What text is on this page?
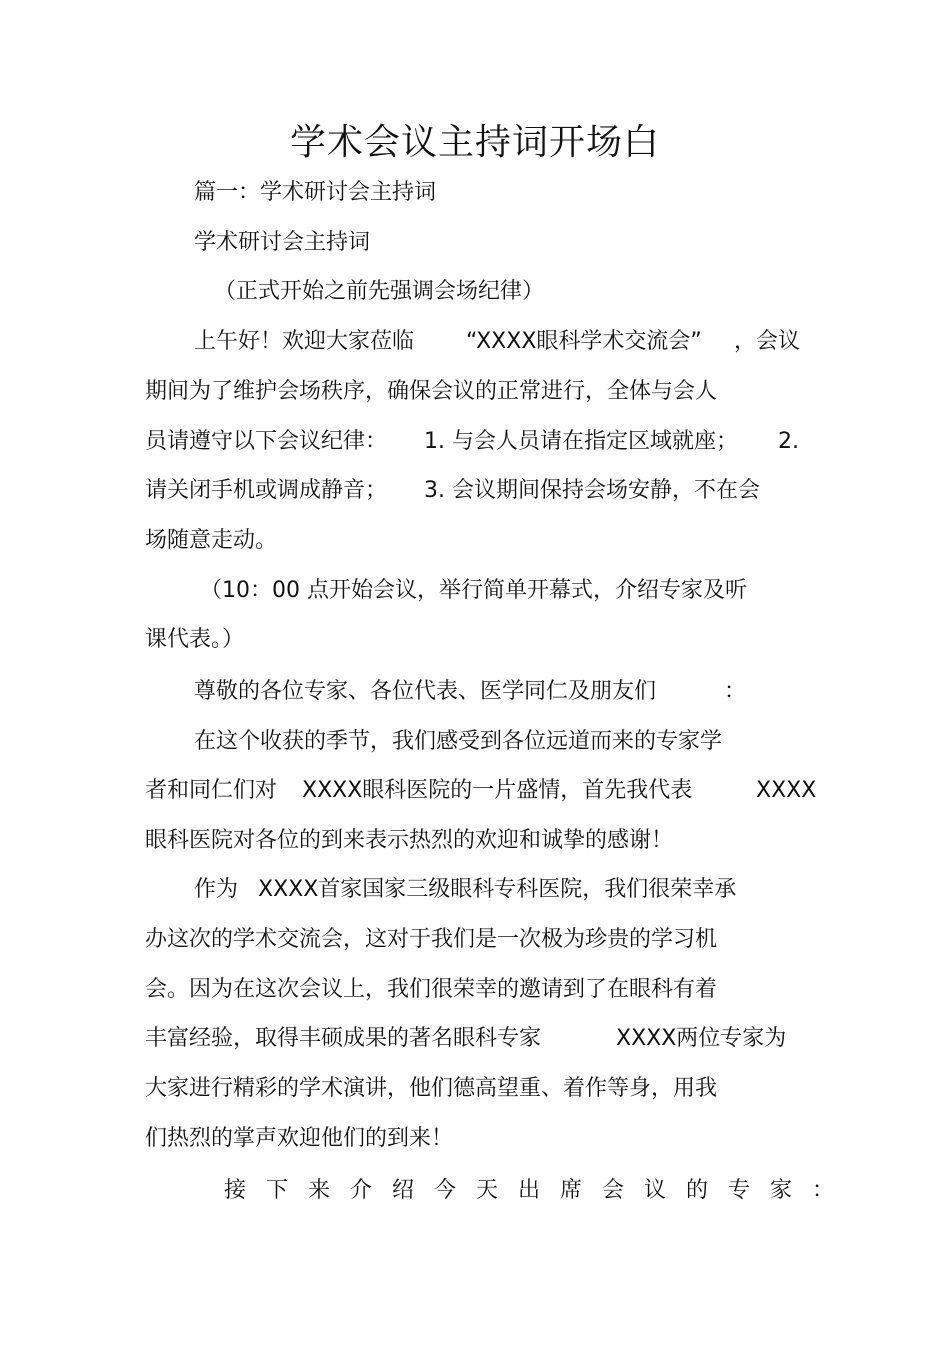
学术会议主持词开场白
篇一：学术研讨会主持词
学术研讨会主持词
（正式开始之前先强调会场纪律）
上午好！欢迎大家莅临 “XXXX眼科学术交流会” ，会议
期间为了维护会场秩序，确保会议的正常进行，全体与会人
员请遵守以下会议纪律： 1. 与会人员请在指定区域就座； 2.
请关闭手机或调成静音； 3. 会议期间保持会场安静，不在会
场随意走动。
（10：00 点开始会议，举行简单开幕式，介绍专家及听
课代表。）
尊敬的各位专家、各位代表、医学同仁及朋友们	：
在这个收获的季节，我们感受到各位远道而来的专家学
者和同仁们对 XXXX眼科医院的一片盛情，首先我代表	XXXX
眼科医院对各位的到来表示热烈的欢迎和诚挚的感谢！
作为 XXXX首家国家三级眼科专科医院，我们很荣幸承
办这次的学术交流会，这对于我们是一次极为珍贵的学习机
会。因为在这次会议上，我们很荣幸的邀请到了在眼科有着
丰富经验，取得丰硕成果的著名眼科专家	XXXX两位专家为
大家进行精彩的学术演讲，他们德高望重、着作等身，用我
们热烈的掌声欢迎他们的到来！
接下来介绍今天出席会议的专家：
